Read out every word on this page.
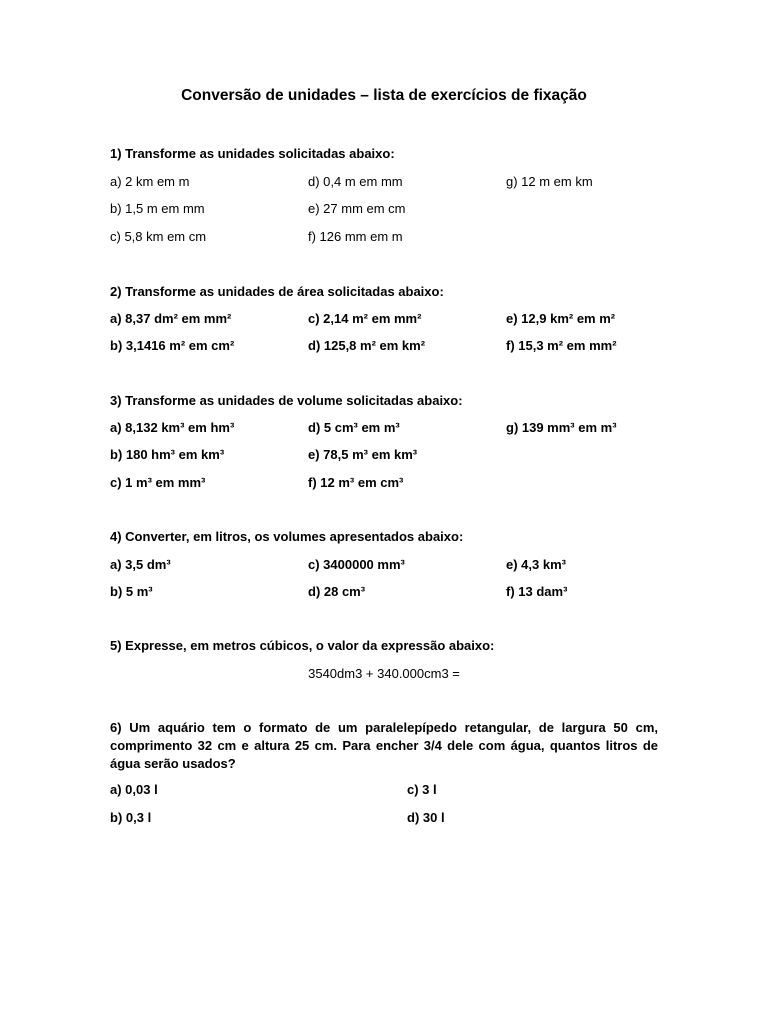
Conversão de unidades – lista de exercícios de fixação
1) Transforme as unidades solicitadas abaixo:
a) 2 km em m	d) 0,4 m em mm	g) 12 m em km
b) 1,5 m em mm	e) 27 mm em cm
c) 5,8 km em cm	f) 126 mm em m
2) Transforme as unidades de área solicitadas abaixo:
a) 8,37 dm² em mm²	c) 2,14 m² em mm²	e) 12,9 km² em m²
b) 3,1416 m² em cm²	d) 125,8 m² em km²	f) 15,3 m² em mm²
3) Transforme as unidades de volume solicitadas abaixo:
a) 8,132 km³ em hm³	d) 5 cm³ em m³	g) 139 mm³ em m³
b) 180 hm³ em km³	e) 78,5 m³ em km³
c) 1 m³ em mm³	f) 12 m³ em cm³
4) Converter, em litros, os volumes apresentados abaixo:
a) 3,5 dm³	c) 3400000 mm³	e) 4,3 km³
b) 5 m³	d) 28 cm³	f) 13 dam³
5) Expresse, em metros cúbicos, o valor da expressão abaixo:
3540dm3 + 340.000cm3 =
6) Um aquário tem o formato de um paralelepípedo retangular, de largura 50 cm, comprimento 32 cm e altura 25 cm. Para encher 3/4 dele com água, quantos litros de água serão usados?
a) 0,03 l	c) 3 l
b) 0,3 l	d) 30 l
